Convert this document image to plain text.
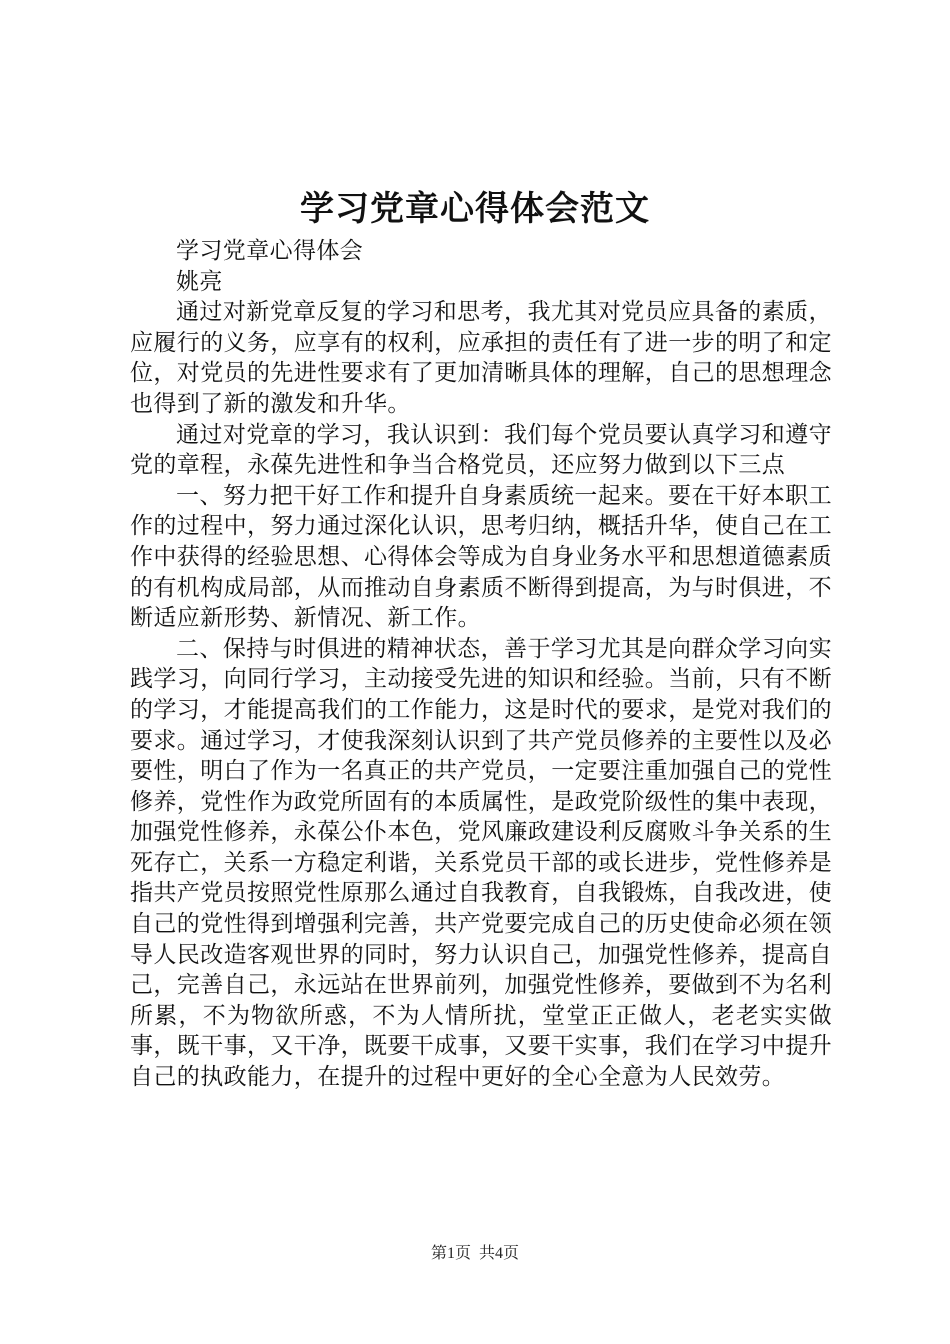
学习党章心得体会范文

学习党章心得体会

姚亮

通过对新党章反复的学习和思考，我尤其对党员应具备的素质，应履行的义务，应享有的权利，应承担的责任有了进一步的明了和定位，对党员的先进性要求有了更加清晰具体的理解，自己的思想理念也得到了新的激发和升华。

通过对党章的学习，我认识到：我们每个党员要认真学习和遵守党的章程，永葆先进性和争当合格党员，还应努力做到以下三点

一、努力把干好工作和提升自身素质统一起来。要在干好本职工作的过程中，努力通过深化认识，思考归纳，概括升华，使自己在工作中获得的经验思想、心得体会等成为自身业务水平和思想道德素质的有机构成局部，从而推动自身素质不断得到提高，为与时俱进，不断适应新形势、新情况、新工作。

二、保持与时俱进的精神状态，善于学习尤其是向群众学习向实践学习，向同行学习，主动接受先进的知识和经验。当前，只有不断的学习，才能提高我们的工作能力，这是时代的要求，是党对我们的要求。通过学习，才使我深刻认识到了共产党员修养的主要性以及必要性，明白了作为一名真正的共产党员，一定要注重加强自己的党性修养，党性作为政党所固有的本质属性，是政党阶级性的集中表现，加强党性修养，永葆公仆本色，党风廉政建设利反腐败斗争关系的生死存亡，关系一方稳定利谐，关系党员干部的或长进步，党性修养是指共产党员按照党性原那么通过自我教育，自我锻炼，自我改进，使自己的党性得到增强利完善，共产党要完成自己的历史使命必须在领导人民改造客观世界的同时，努力认识自己，加强党性修养，提高自己，完善自己，永远站在世界前列，加强党性修养，要做到不为名利所累，不为物欲所惑，不为人情所扰，堂堂正正做人，老老实实做事，既干事，又干净，既要干成事，又要干实事，我们在学习中提升自己的执政能力，在提升的过程中更好的全心全意为人民效劳。

第1页 共4页
